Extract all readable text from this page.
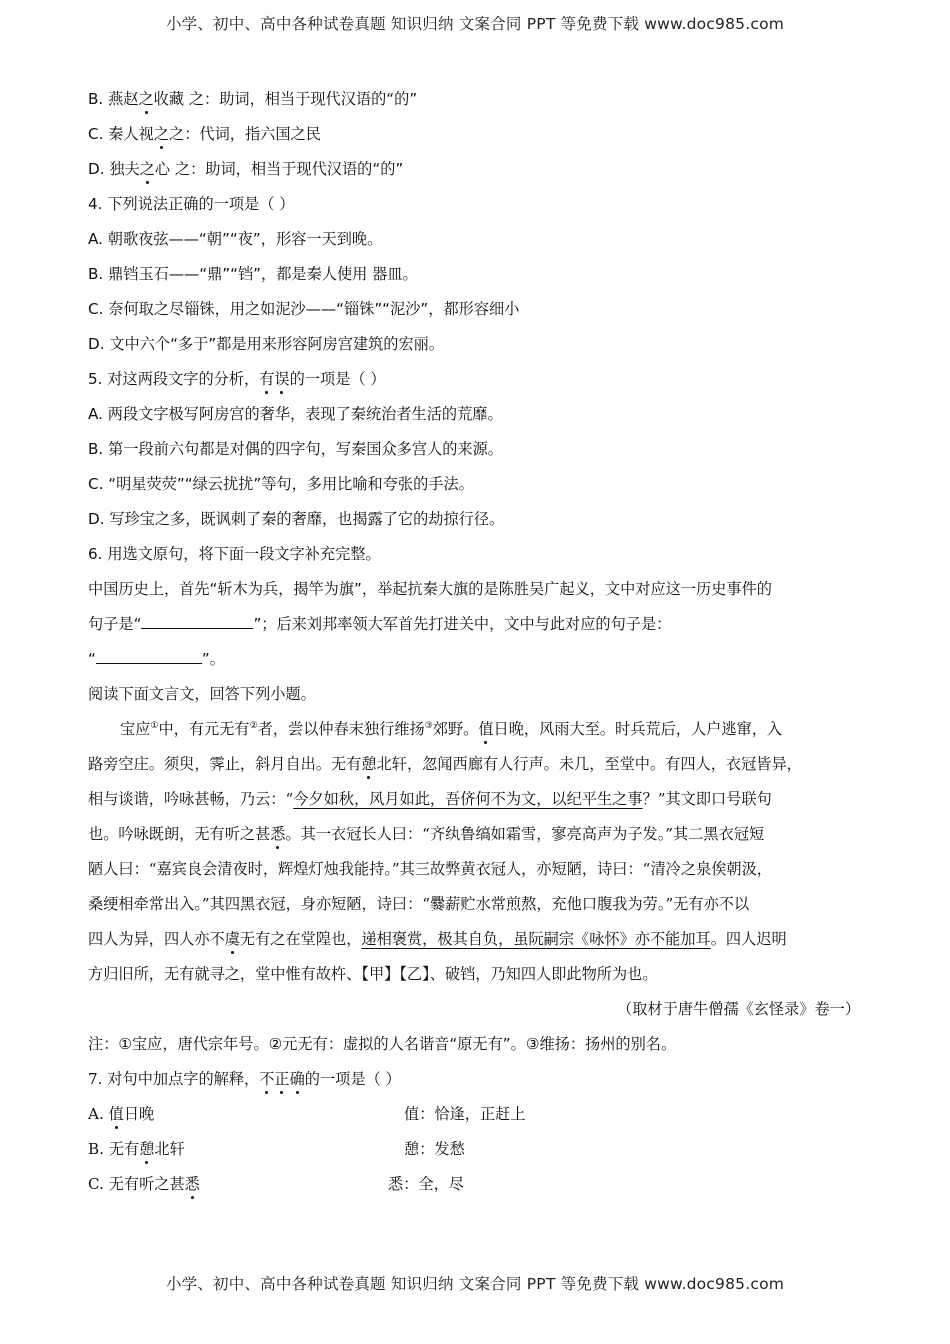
小学、初中、高中各种试卷真题 知识归纳 文案合同 PPT 等免费下载 www.doc985.com
B. 燕赵之收藏 之：助词，相当于现代汉语的“的”
C. 秦人视之之：代词，指六国之民
D. 独夫之心 之：助词，相当于现代汉语的“的”
4. 下列说法正确的一项是（ ）
A. 朝歌夜弦——“朝”“夜”，形容一天到晚。
B. 鼎铛玉石——“鼎”“铛”，都是秦人使用 器皿。
C. 奈何取之尽锱铢，用之如泥沙——“锱铢”“泥沙”，都形容细小
D. 文中六个“多于”都是用来形容阿房宫建筑的宏丽。
5. 对这两段文字的分析，有误的一项是（ ）
A. 两段文字极写阿房宫的奢华，表现了秦统治者生活的荒靡。
B. 第一段前六句都是对偶的四字句，写秦国众多宫人的来源。
C. “明星荧荧”“绿云扰扰”等句，多用比喻和夸张的手法。
D. 写珍宝之多，既讽刺了秦的奢靡，也揭露了它的劫掠行径。
6. 用选文原句，将下面一段文字补充完整。
中国历史上，首先“斩木为兵，揭竿为旗”，举起抗秦大旗的是陈胜吴广起义，文中对应这一历史事件的
句子是“	”；后来刘邦率领大军首先打进关中，文中与此对应的句子是：
“	”。
阅读下面文言文，回答下列小题。
宝应①中，有元无有②者，尝以仲春末独行维扬③郊野。值日晚，风雨大至。时兵荒后，人户逃窜，入
路旁空庄。须臾，霁止，斜月自出。无有憩北轩，忽闻西廊有人行声。未几，至堂中。有四人，衣冠皆异，
相与谈谐，吟咏甚畅，乃云：“今夕如秋，风月如此，吾侪何不为文，以纪平生之事？”其文即口号联句
也。吟咏既朗，无有听之甚悉。其一衣冠长人曰：“齐纨鲁缟如霜雪，寥亮高声为子发。”其二黑衣冠短
陋人曰：“嘉宾良会清夜时，辉煌灯烛我能持。”其三故弊黄衣冠人，亦短陋，诗曰：“清冷之泉俟朝汲，
桑绠相牵常出入。”其四黑衣冠，身亦短陋，诗曰：“爨薪贮水常煎熬，充他口腹我为劳。”无有亦不以
四人为异，四人亦不虞无有之在堂隍也，递相褒赏，极其自负，虽阮嗣宗《咏怀》亦不能加耳。四人迟明
方归旧所，无有就寻之，堂中惟有故杵、【甲】【乙】、破铛，乃知四人即此物所为也。
（取材于唐牛僧孺《玄怪录》卷一）
注：①宝应，唐代宗年号。②元无有：虚拟的人名谐音“原无有”。③维扬：扬州的别名。
7. 对句中加点字的解释，不正确的一项是（ ）
A. 值日晚	值：恰逢，正赶上
B. 无有憩北轩	憩：发愁
C. 无有听之甚悉	悉：全，尽
小学、初中、高中各种试卷真题 知识归纳 文案合同 PPT 等免费下载 www.doc985.com
